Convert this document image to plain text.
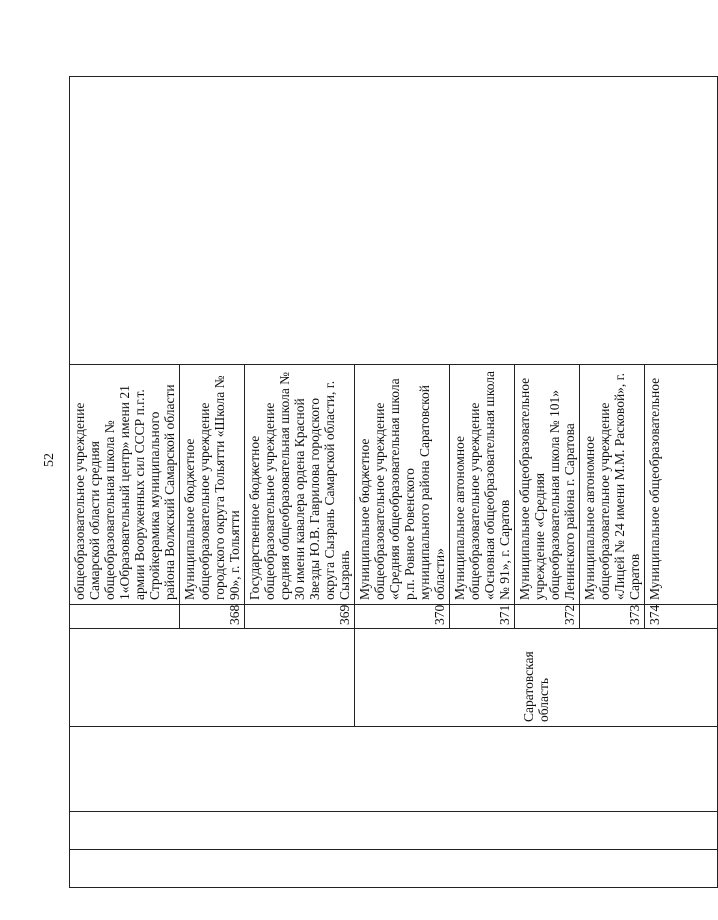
52
						общеобразовательное учреждение Самарской области средняя общеобразовательная школа № 1«Образовательный центр» имени 21 армии Вооруженных сил СССР п.г.т. Стройкерамика муниципального района Волжский Самарской области	
				368	Муниципальное бюджетное общеобразовательное учреждение городского округа Тольятти «Школа № 90», г. Тольятти	
				369	Государственное бюджетное общеобразовательное учреждение средняя общеобразовательная школа № 30 имени кавалера ордена Красной Звезды Ю.В. Гаврилова городского округа Сызрань Самарской области, г. Сызрань	
			Саратовская область	370	Муниципальное бюджетное общеобразовательное учреждение «Средняя общеобразовательная школа р.п. Ровное Ровенского муниципального района Саратовской области»	
				371	Муниципальное автономное общеобразовательное учреждение «Основная общеобразовательная школа № 91», г. Саратов	
				372	Муниципальное общеобразовательное учреждение «Средняя общеобразовательная школа № 101» Ленинского района г. Саратова	
				373	Муниципальное автономное общеобразовательное учреждение «Лицей № 24 имени М.М. Расковой», г. Саратов	
				374	Муниципальное общеобразовательное	
